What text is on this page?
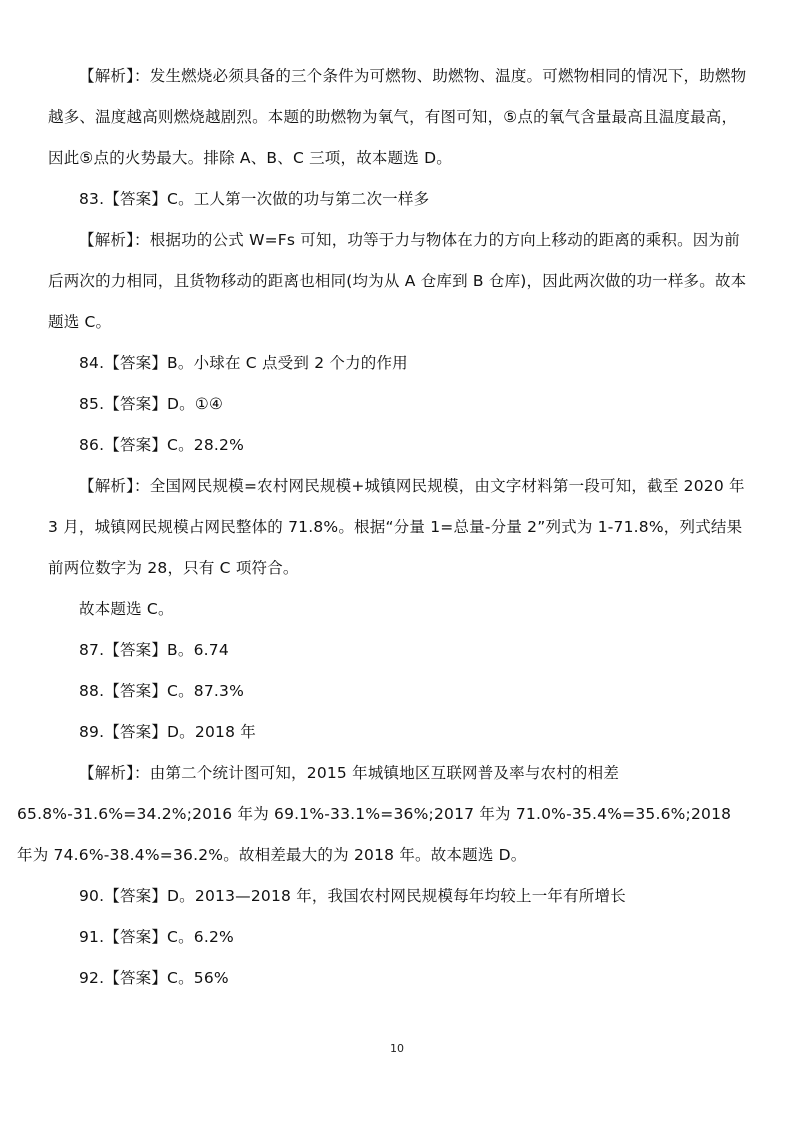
【解析】：发生燃烧必须具备的三个条件为可燃物、助燃物、温度。可燃物相同的情况下，助燃物越多、温度越高则燃烧越剧烈。本题的助燃物为氧气，有图可知，⑤点的氧气含量最高且温度最高，因此⑤点的火势最大。排除 A、B、C 三项，故本题选 D。

83.【答案】C。工人第一次做的功与第二次一样多

【解析】：根据功的公式 W=Fs 可知，功等于力与物体在力的方向上移动的距离的乘积。因为前后两次的力相同，且货物移动的距离也相同(均为从 A 仓库到 B 仓库)，因此两次做的功一样多。故本题选 C。

84.【答案】B。小球在 C 点受到 2 个力的作用

85.【答案】D。①④

86.【答案】C。28.2%

【解析】：全国网民规模=农村网民规模+城镇网民规模，由文字材料第一段可知，截至 2020 年 3 月，城镇网民规模占网民整体的 71.8%。根据“分量 1=总量-分量 2”列式为 1-71.8%，列式结果前两位数字为 28，只有 C 项符合。

故本题选 C。

87.【答案】B。6.74

88.【答案】C。87.3%

89.【答案】D。2018 年

【解析】：由第二个统计图可知，2015 年城镇地区互联网普及率与农村的相差
65.8%-31.6%=34.2%;2016 年为 69.1%-33.1%=36%;2017 年为 71.0%-35.4%=35.6%;2018 年为 74.6%-38.4%=36.2%。故相差最大的为 2018 年。故本题选 D。

90.【答案】D。2013—2018 年，我国农村网民规模每年均较上一年有所增长

91.【答案】C。6.2%

92.【答案】C。56%

10
